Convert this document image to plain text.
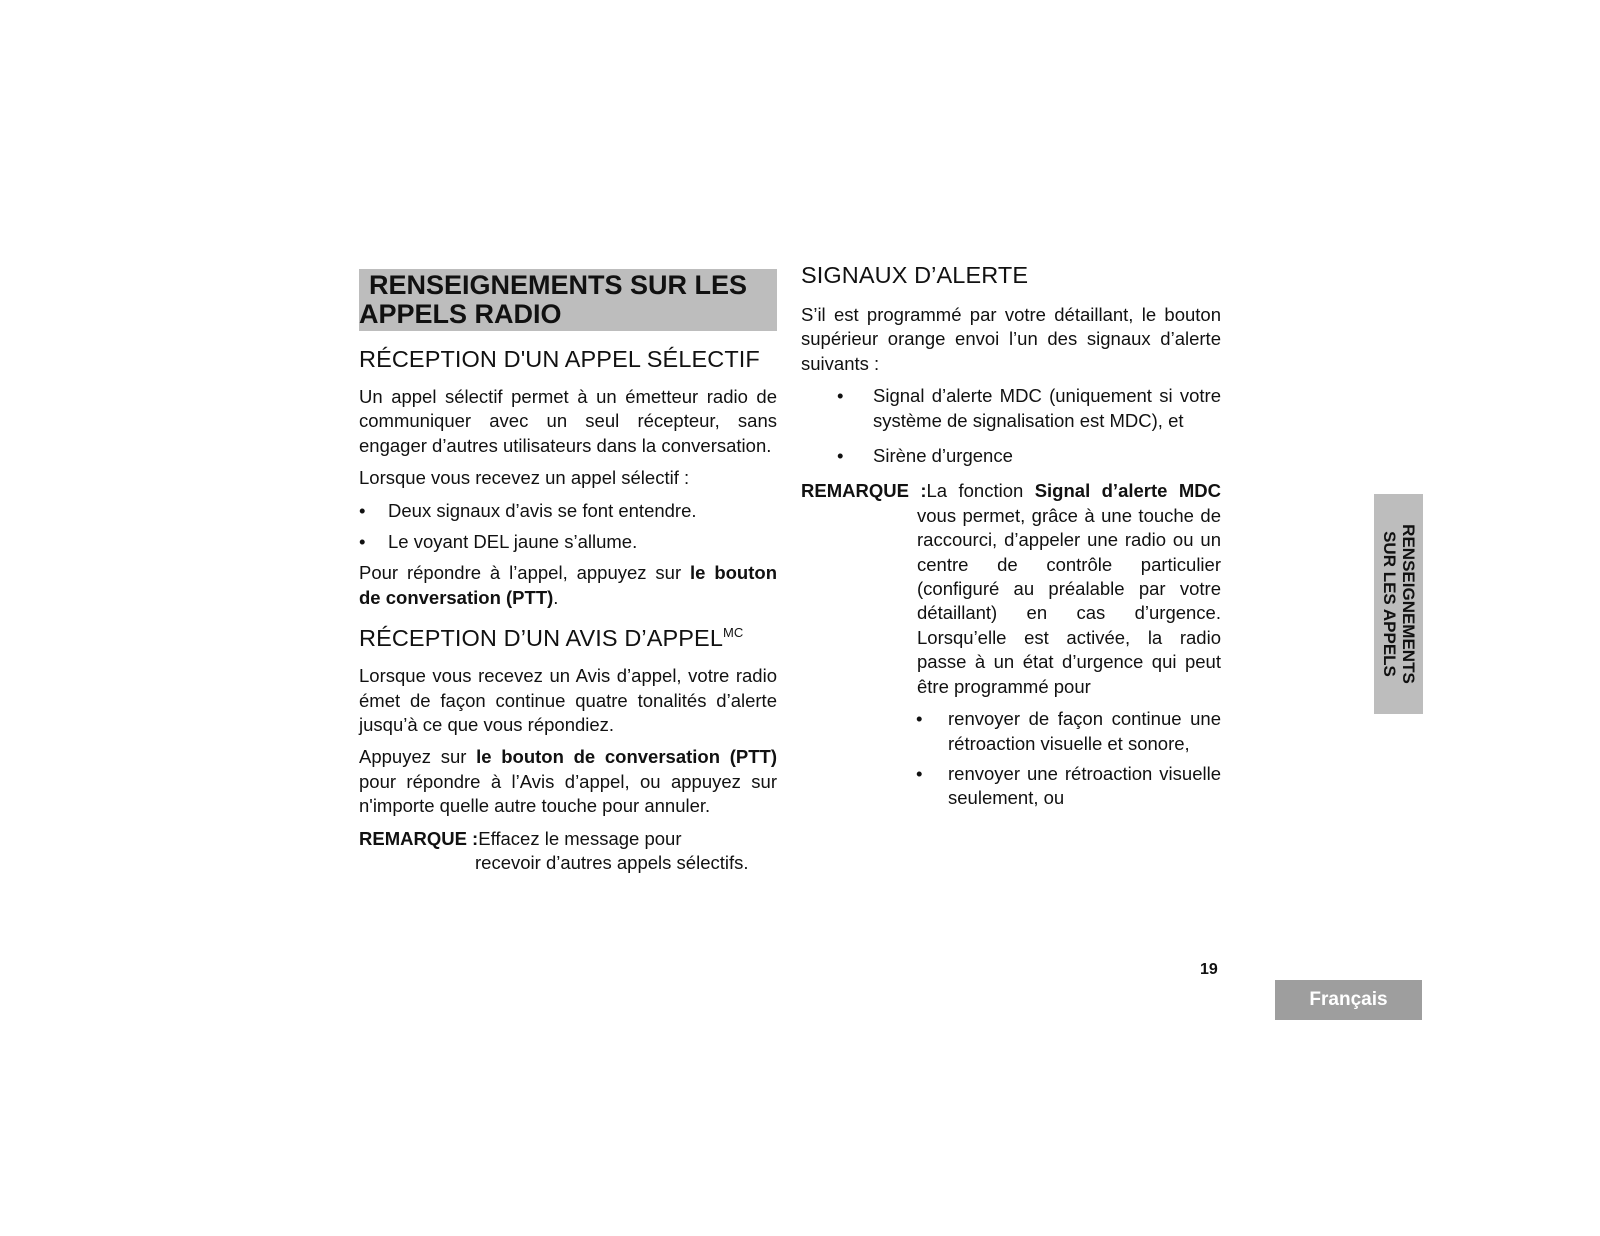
RENSEIGNEMENTS SUR LES
APPELS RADIO
RÉCEPTION D'UN APPEL SÉLECTIF

Un appel sélectif permet à un émetteur radio de communiquer avec un seul récepteur, sans engager d’autres utilisateurs dans la conversation.

Lorsque vous recevez un appel sélectif :

• Deux signaux d’avis se font entendre.
• Le voyant DEL jaune s’allume.

Pour répondre à l’appel, appuyez sur le bouton de conversation (PTT).

RÉCEPTION D’UN AVIS $D’APPEL^{MC}$

Lorsque vous recevez un Avis d’appel, votre radio émet de façon continue quatre tonalités d’alerte jusqu’à ce que vous répondiez.

Appuyez sur le bouton de conversation (PTT) pour répondre à l’Avis d’appel, ou appuyez sur n'importe quelle autre touche pour annuler.

REMARQUE :Effacez le message pour
recevoir d’autres appels sélectifs.
SIGNAUX D’ALERTE

S’il est programmé par votre détaillant, le bouton supérieur orange envoi l’un des signaux d’alerte suivants :

• Signal d’alerte MDC (uniquement si votre système de signalisation est MDC), et
• Sirène d’urgence
REMARQUE :La fonction Signal d’alerte MDC vous permet, grâce à une touche de raccourci, d’appeler une radio ou un centre de contrôle particulier (configuré au préalable par votre détaillant) en cas d’urgence. Lorsqu’elle est activée, la radio passe à un état d’urgence qui peut être programmé pour
• renvoyer de façon continue une rétroaction visuelle et sonore,
• renvoyer une rétroaction visuelle seulement, ou
19
RENSEIGNEMENTS
SUR LES APPELS
Français
